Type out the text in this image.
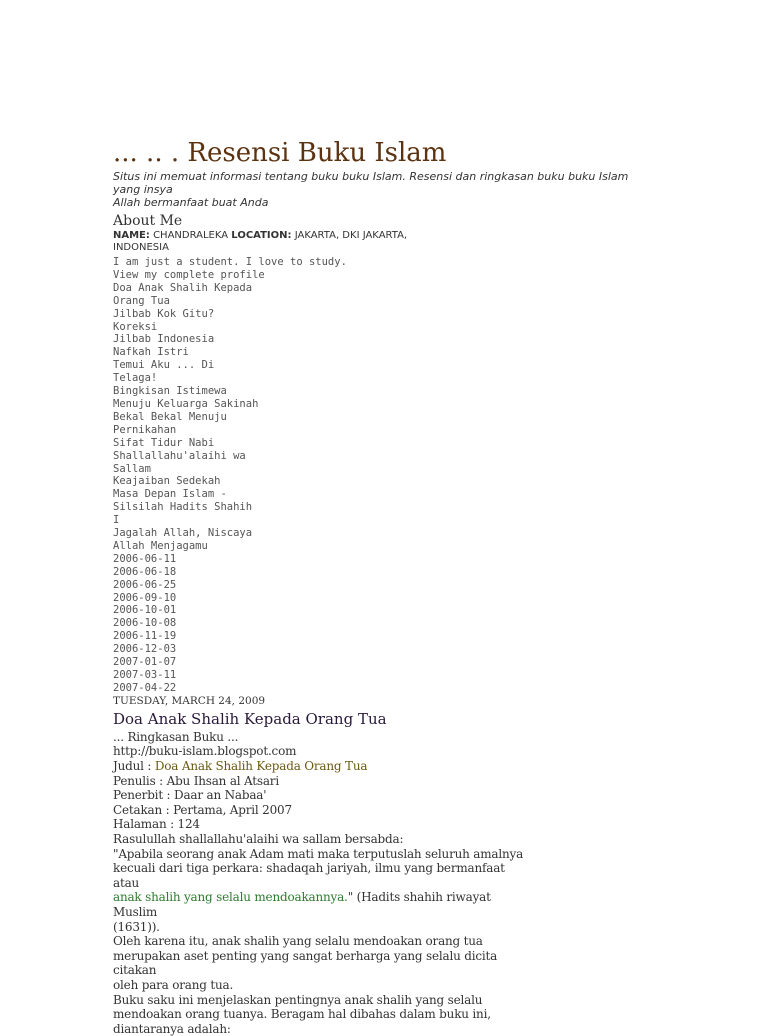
... .. . Resensi Buku Islam
Situs ini memuat informasi tentang buku buku Islam. Resensi dan ringkasan buku buku Islam yang insya
Allah bermanfaat buat Anda
About Me
NAME: CHANDRALEKA LOCATION: JAKARTA, DKI JAKARTA, INDONESIA
I am just a student. I love to study.
View my complete profile
Doa Anak Shalih Kepada Orang Tua
Jilbab Kok Gitu? Koreksi
Jilbab Indonesia
Nafkah Istri
Temui Aku ... Di Telaga!
Bingkisan Istimewa
Menuju Keluarga Sakinah
Bekal Bekal Menuju Pernikahan
Sifat Tidur Nabi Shallallahu'alaihi wa Sallam
Keajaiban Sedekah
Masa Depan Islam -
Silsilah Hadits Shahih I
Jagalah Allah, Niscaya Allah Menjagamu
2006-06-11
2006-06-18
2006-06-25
2006-09-10
2006-10-01
2006-10-08
2006-11-19
2006-12-03
2007-01-07
2007-03-11
2007-04-22
TUESDAY, MARCH 24, 2009
Doa Anak Shalih Kepada Orang Tua
... Ringkasan Buku ...
http://buku-islam.blogspot.com
Judul : Doa Anak Shalih Kepada Orang Tua
Penulis : Abu Ihsan al Atsari
Penerbit : Daar an Nabaa'
Cetakan : Pertama, April 2007
Halaman : 124
Rasulullah shallallahu'alaihi wa sallam bersabda:
"Apabila seorang anak Adam mati maka terputuslah seluruh amalnya
kecuali dari tiga perkara: shadaqah jariyah, ilmu yang bermanfaat atau
anak shalih yang selalu mendoakannya." (Hadits shahih riwayat Muslim
(1631)).
Oleh karena itu, anak shalih yang selalu mendoakan orang tua
merupakan aset penting yang sangat berharga yang selalu dicita citakan
oleh para orang tua.
Buku saku ini menjelaskan pentingnya anak shalih yang selalu
mendoakan orang tuanya. Beragam hal dibahas dalam buku ini,
diantaranya adalah:
